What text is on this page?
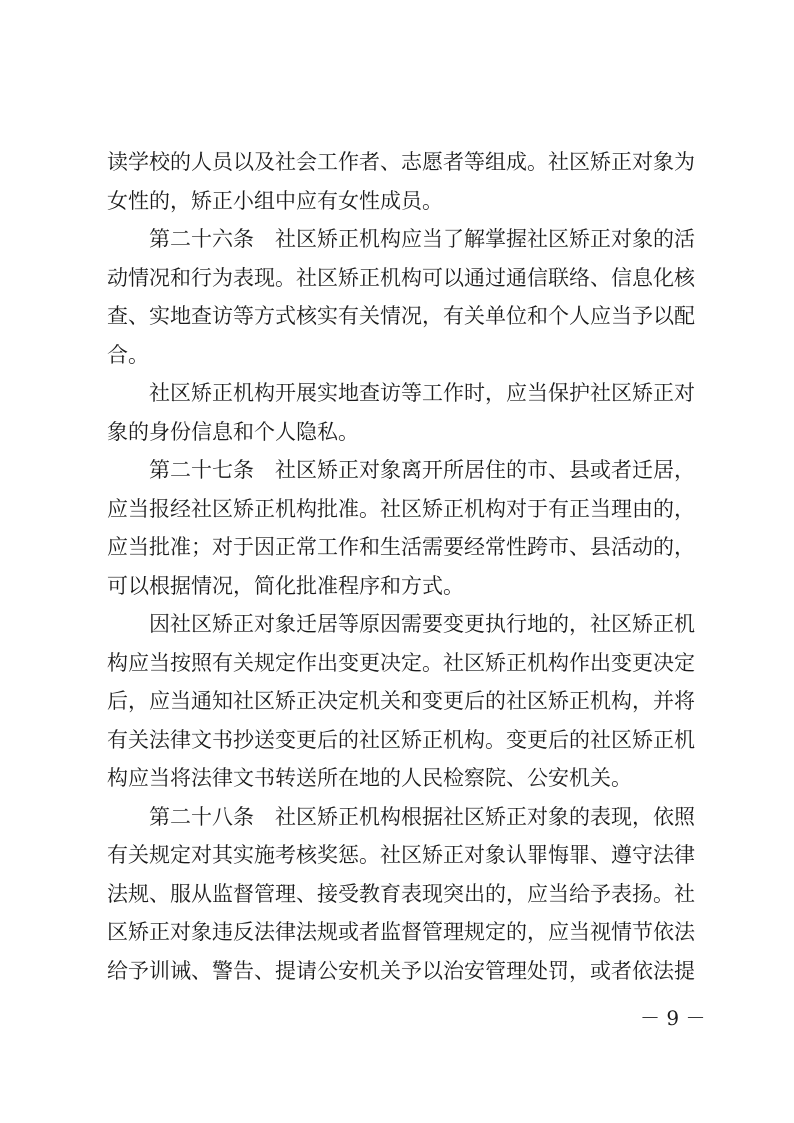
读学校的人员以及社会工作者、志愿者等组成。社区矫正对象为
女性的，矫正小组中应有女性成员。
第二十六条　社区矫正机构应当了解掌握社区矫正对象的活
动情况和行为表现。社区矫正机构可以通过通信联络、信息化核
查、实地查访等方式核实有关情况，有关单位和个人应当予以配
合。
社区矫正机构开展实地查访等工作时，应当保护社区矫正对
象的身份信息和个人隐私。
第二十七条　社区矫正对象离开所居住的市、县或者迁居，
应当报经社区矫正机构批准。社区矫正机构对于有正当理由的，
应当批准；对于因正常工作和生活需要经常性跨市、县活动的，
可以根据情况，简化批准程序和方式。
因社区矫正对象迁居等原因需要变更执行地的，社区矫正机
构应当按照有关规定作出变更决定。社区矫正机构作出变更决定
后，应当通知社区矫正决定机关和变更后的社区矫正机构，并将
有关法律文书抄送变更后的社区矫正机构。变更后的社区矫正机
构应当将法律文书转送所在地的人民检察院、公安机关。
第二十八条　社区矫正机构根据社区矫正对象的表现，依照
有关规定对其实施考核奖惩。社区矫正对象认罪悔罪、遵守法律
法规、服从监督管理、接受教育表现突出的，应当给予表扬。社
区矫正对象违反法律法规或者监督管理规定的，应当视情节依法
给予训诫、警告、提请公安机关予以治安管理处罚，或者依法提
－ 9 －
